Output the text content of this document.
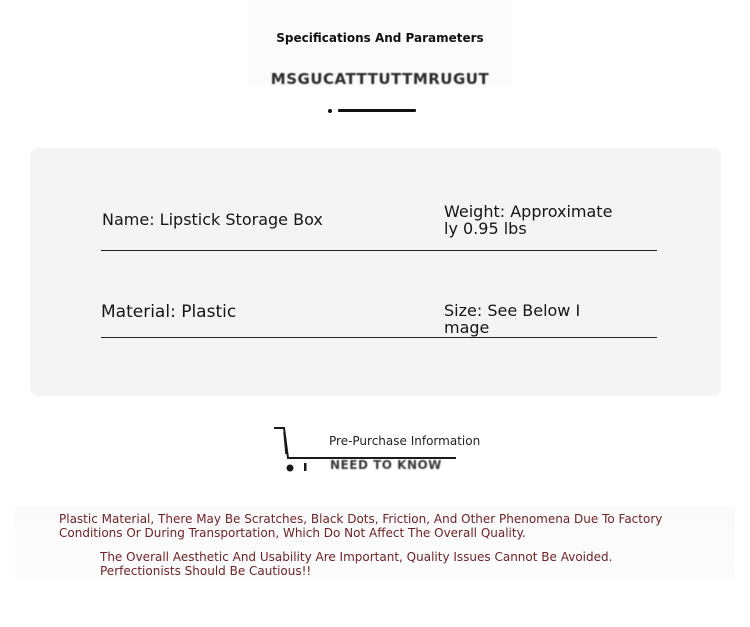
Specifications And Parameters
MSGUCATTTUTTMRUGUT
Name: Lipstick Storage Box	Weight: Approximately 0.95 lbs
Material: Plastic	Size: See Below Image
Pre-Purchase Information
NEED TO KNOW
Plastic Material, There May Be Scratches, Black Dots, Friction, And Other Phenomena Due To Factory Conditions Or During Transportation, Which Do Not Affect The Overall Quality.
The Overall Aesthetic And Usability Are Important, Quality Issues Cannot Be Avoided. Perfectionists Should Be Cautious!!
